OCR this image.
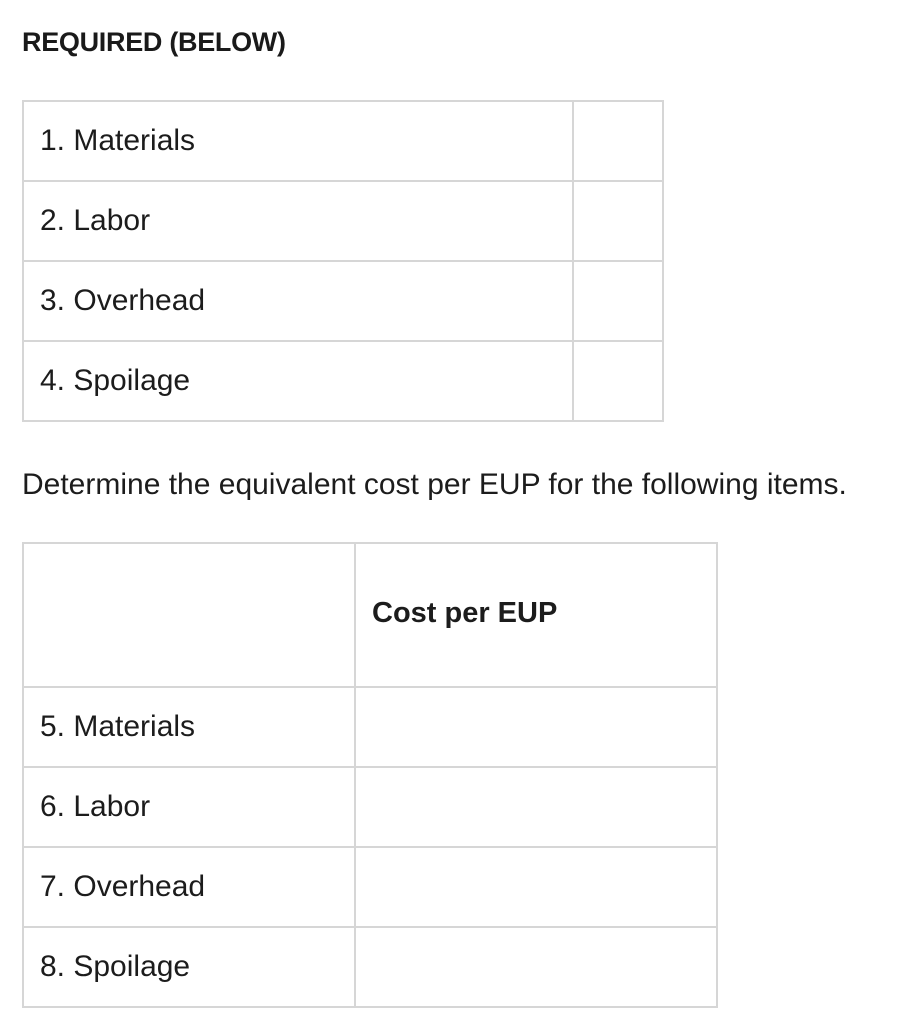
REQUIRED (BELOW)
1. Materials	
2. Labor	
3. Overhead	
4. Spoilage	

Determine the equivalent cost per EUP for the following items.

	Cost per EUP
5. Materials	
6. Labor	
7. Overhead	
8. Spoilage	
